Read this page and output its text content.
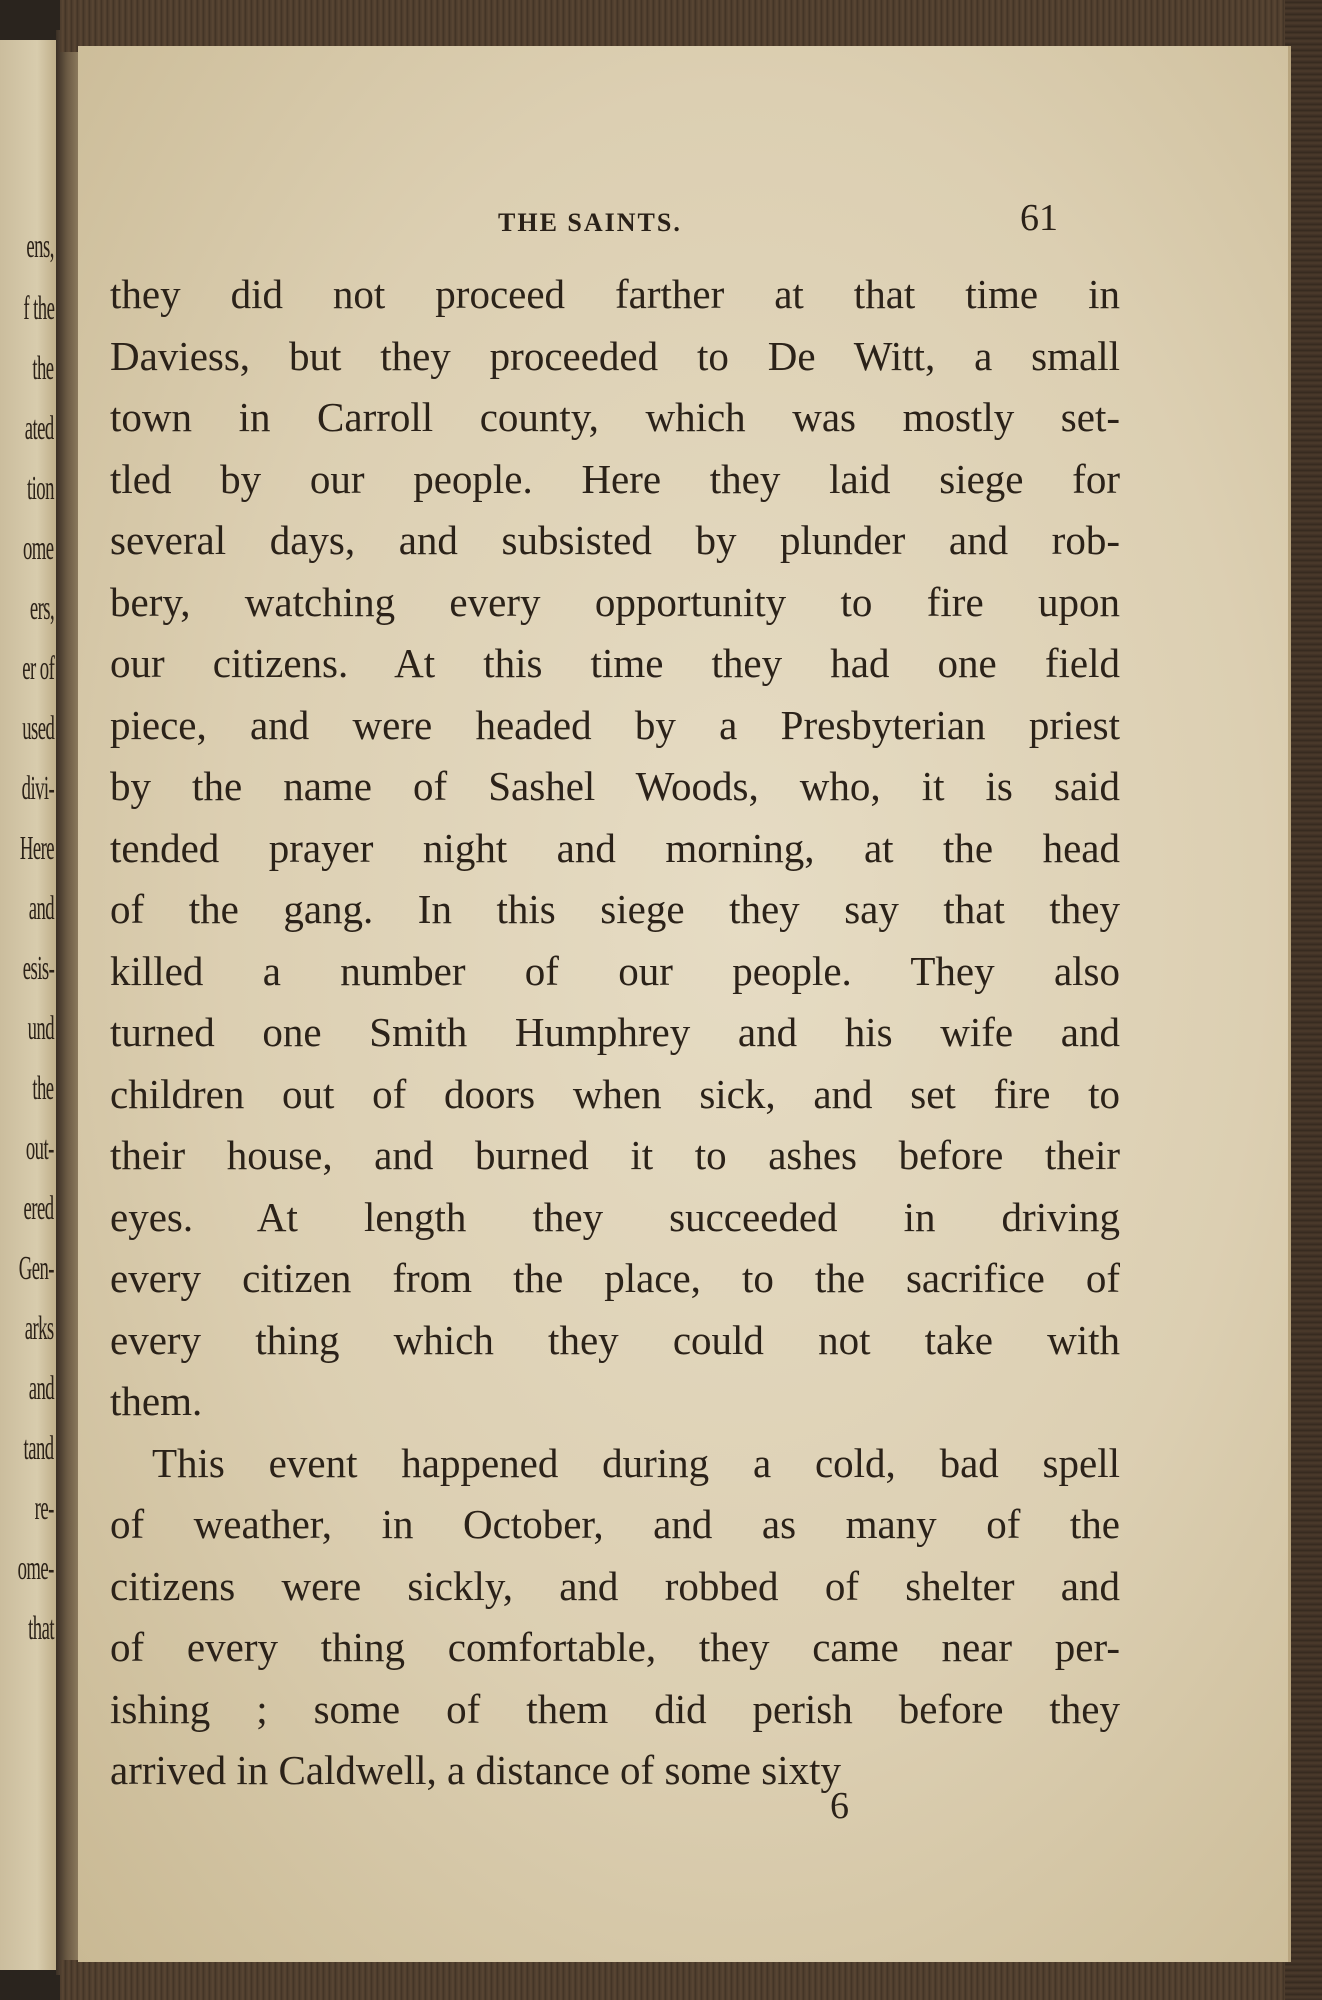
ens,
f the
the
ated
tion
ome
ers,
er of
used
divi-
Here
and
esis-
und
the
out-
ered
Gen-
arks
and
tand
re-
ome-
that
THE SAINTS.	61
they did not proceed farther at that time in
Daviess, but they proceeded to De Witt, a small
town in Carroll county, which was mostly set-
tled by our people. Here they laid siege for
several days, and subsisted by plunder and rob-
bery, watching every opportunity to fire upon
our citizens. At this time they had one field
piece, and were headed by a Presbyterian priest
by the name of Sashel Woods, who, it is said
tended prayer night and morning, at the head
of the gang. In this siege they say that they
killed a number of our people. They also
turned one Smith Humphrey and his wife and
children out of doors when sick, and set fire to
their house, and burned it to ashes before their
eyes. At length they succeeded in driving
every citizen from the place, to the sacrifice of
every thing which they could not take with
them.
This event happened during a cold, bad spell
of weather, in October, and as many of the
citizens were sickly, and robbed of shelter and
of every thing comfortable, they came near per-
ishing ; some of them did perish before they
arrived in Caldwell, a distance of some sixty
6
